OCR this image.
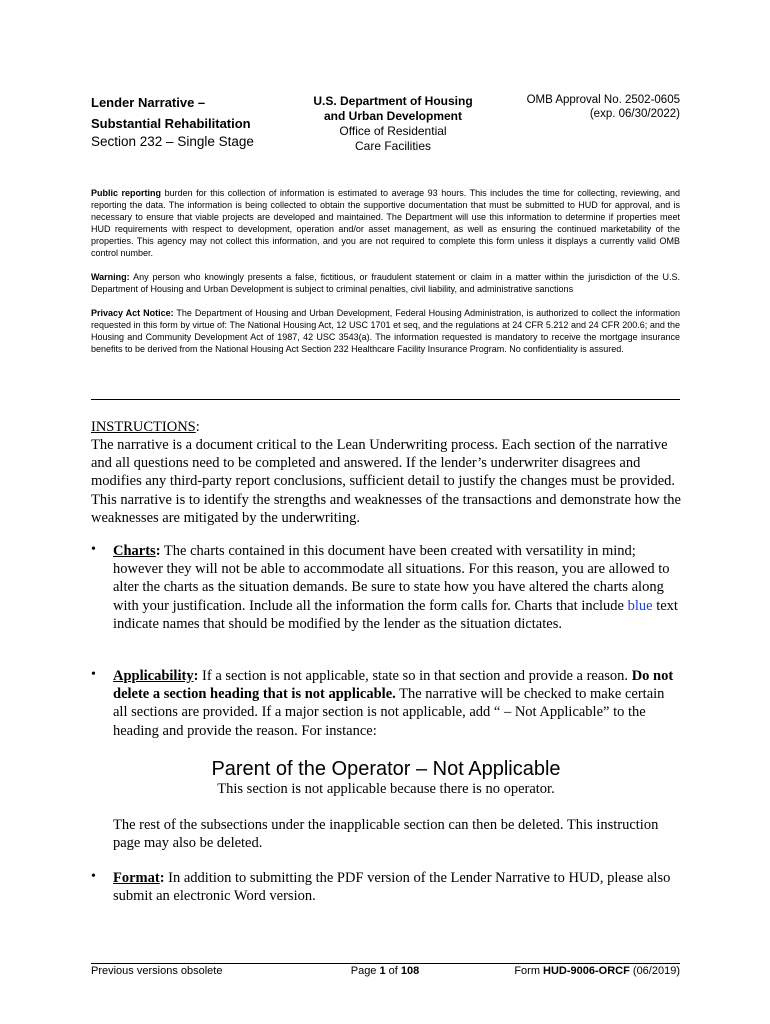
Lender Narrative –
Substantial Rehabilitation
Section 232 – Single Stage
U.S. Department of Housing
and Urban Development
Office of Residential
Care Facilities
OMB Approval No. 2502-0605
(exp. 06/30/2022)
Public reporting burden for this collection of information is estimated to average 93 hours. This includes the time for collecting, reviewing, and reporting the data. The information is being collected to obtain the supportive documentation that must be submitted to HUD for approval, and is necessary to ensure that viable projects are developed and maintained. The Department will use this information to determine if properties meet HUD requirements with respect to development, operation and/or asset management, as well as ensuring the continued marketability of the properties. This agency may not collect this information, and you are not required to complete this form unless it displays a currently valid OMB control number.
Warning: Any person who knowingly presents a false, fictitious, or fraudulent statement or claim in a matter within the jurisdiction of the U.S. Department of Housing and Urban Development is subject to criminal penalties, civil liability, and administrative sanctions
Privacy Act Notice: The Department of Housing and Urban Development, Federal Housing Administration, is authorized to collect the information requested in this form by virtue of: The National Housing Act, 12 USC 1701 et seq, and the regulations at 24 CFR 5.212 and 24 CFR 200.6; and the Housing and Community Development Act of 1987, 42 USC 3543(a). The information requested is mandatory to receive the mortgage insurance benefits to be derived from the National Housing Act Section 232 Healthcare Facility Insurance Program. No confidentiality is assured.
INSTRUCTIONS:
The narrative is a document critical to the Lean Underwriting process. Each section of the narrative and all questions need to be completed and answered. If the lender’s underwriter disagrees and modifies any third-party report conclusions, sufficient detail to justify the changes must be provided. This narrative is to identify the strengths and weaknesses of the transactions and demonstrate how the weaknesses are mitigated by the underwriting.
•	Charts: The charts contained in this document have been created with versatility in mind; however they will not be able to accommodate all situations. For this reason, you are allowed to alter the charts as the situation demands. Be sure to state how you have altered the charts along with your justification. Include all the information the form calls for. Charts that include blue text indicate names that should be modified by the lender as the situation dictates.
•	Applicability: If a section is not applicable, state so in that section and provide a reason. Do not delete a section heading that is not applicable. The narrative will be checked to make certain all sections are provided. If a major section is not applicable, add “ – Not Applicable” to the heading and provide the reason. For instance:
Parent of the Operator – Not Applicable
This section is not applicable because there is no operator.
The rest of the subsections under the inapplicable section can then be deleted. This instruction page may also be deleted.
•	Format: In addition to submitting the PDF version of the Lender Narrative to HUD, please also submit an electronic Word version.
Previous versions obsolete	Page 1 of 108	Form HUD-9006-ORCF (06/2019)
